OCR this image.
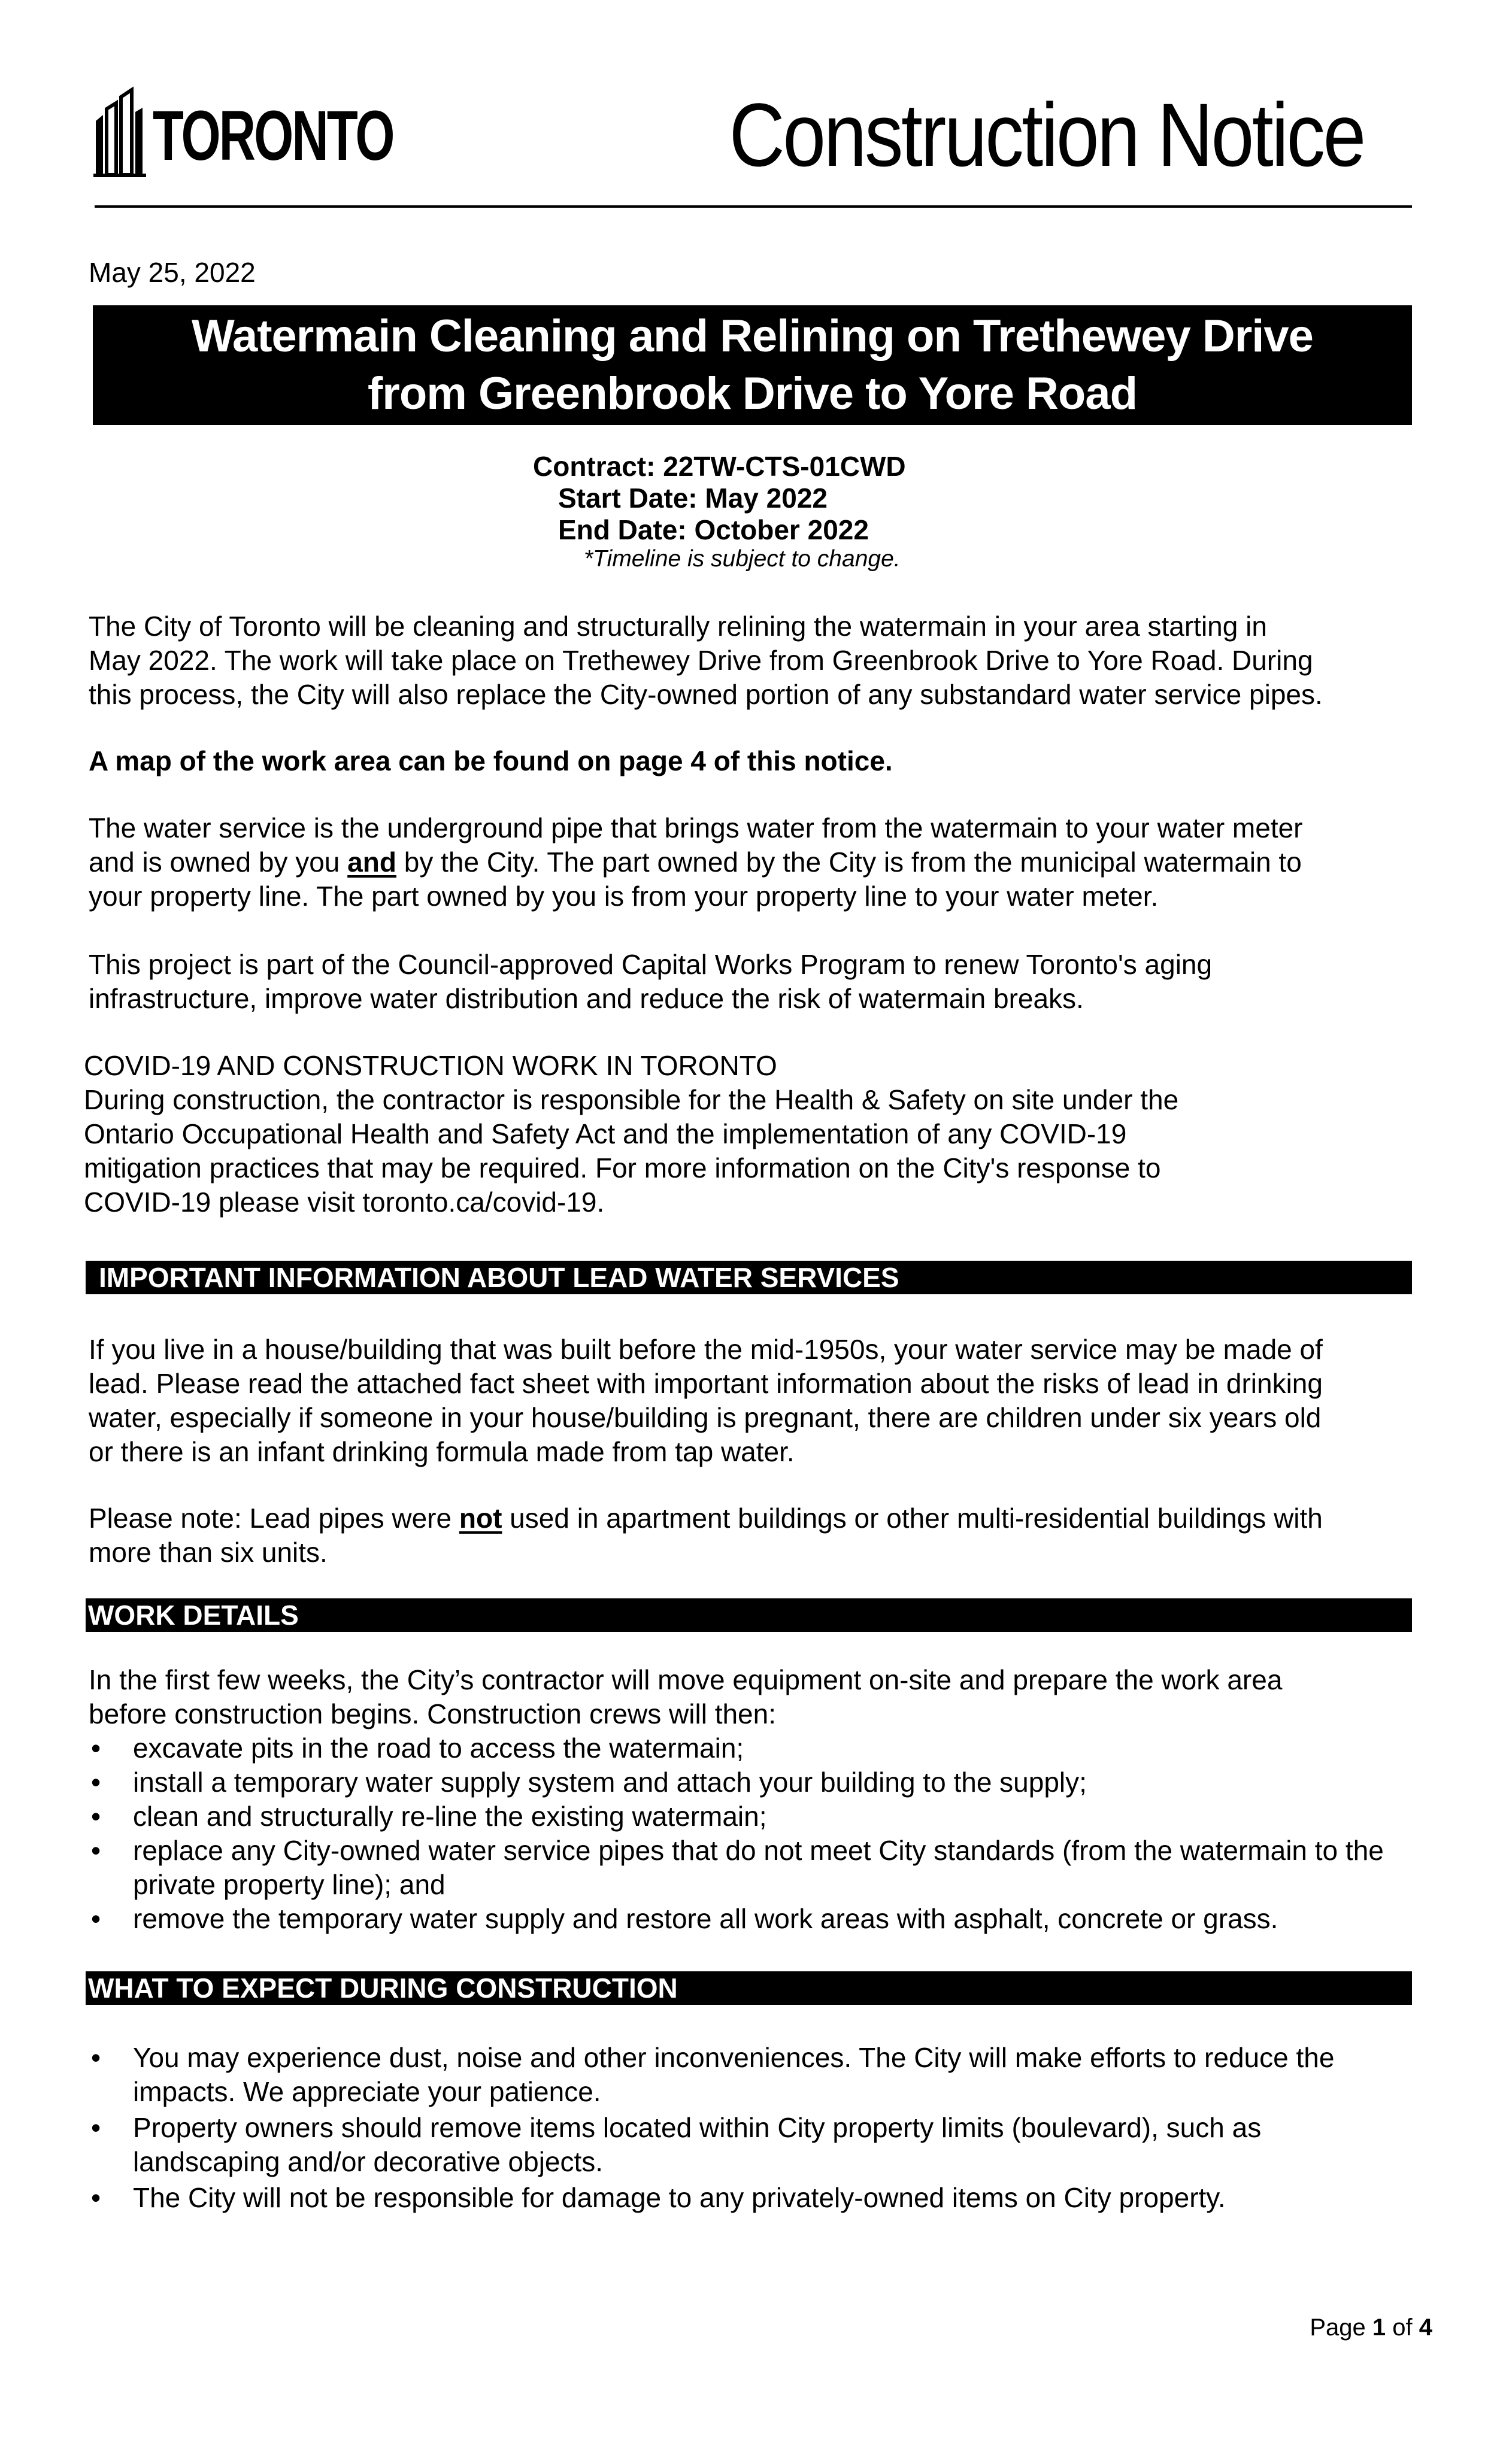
TORONTO	Construction Notice
May 25, 2022
Watermain Cleaning and Relining on Trethewey Drive
from Greenbrook Drive to Yore Road
Contract: 22TW-CTS-01CWD
Start Date: May 2022
End Date: October 2022
*Timeline is subject to change.

The City of Toronto will be cleaning and structurally relining the watermain in your area starting in

May 2022. The work will take place on Trethewey Drive from Greenbrook Drive to Yore Road. During

this process, the City will also replace the City-owned portion of any substandard water service pipes.

A map of the work area can be found on page 4 of this notice.

The water service is the underground pipe that brings water from the watermain to your water meter

and is owned by you and by the City. The part owned by the City is from the municipal watermain to

your property line. The part owned by you is from your property line to your water meter.

This project is part of the Council-approved Capital Works Program to renew Toronto's aging

infrastructure, improve water distribution and reduce the risk of watermain breaks.

COVID-19 AND CONSTRUCTION WORK IN TORONTO

During construction, the contractor is responsible for the Health & Safety on site under the

Ontario Occupational Health and Safety Act and the implementation of any COVID-19

mitigation practices that may be required. For more information on the City's response to

COVID-19 please visit toronto.ca/covid-19.

IMPORTANT INFORMATION ABOUT LEAD WATER SERVICES

If you live in a house/building that was built before the mid-1950s, your water service may be made of

lead. Please read the attached fact sheet with important information about the risks of lead in drinking

water, especially if someone in your house/building is pregnant, there are children under six years old

or there is an infant drinking formula made from tap water.

Please note: Lead pipes were not used in apartment buildings or other multi-residential buildings with

more than six units.

WORK DETAILS

In the first few weeks, the City’s contractor will move equipment on-site and prepare the work area

before construction begins. Construction crews will then:

• excavate pits in the road to access the watermain;
• install a temporary water supply system and attach your building to the supply;
• clean and structurally re-line the existing watermain;
• replace any City-owned water service pipes that do not meet City standards (from the watermain to the private property line); and
• remove the temporary water supply and restore all work areas with asphalt, concrete or grass.
WHAT TO EXPECT DURING CONSTRUCTION
• You may experience dust, noise and other inconveniences. The City will make efforts to reduce the impacts. We appreciate your patience.
• Property owners should remove items located within City property limits (boulevard), such as landscaping and/or decorative objects.
• The City will not be responsible for damage to any privately-owned items on City property.
Page 1 of 4
